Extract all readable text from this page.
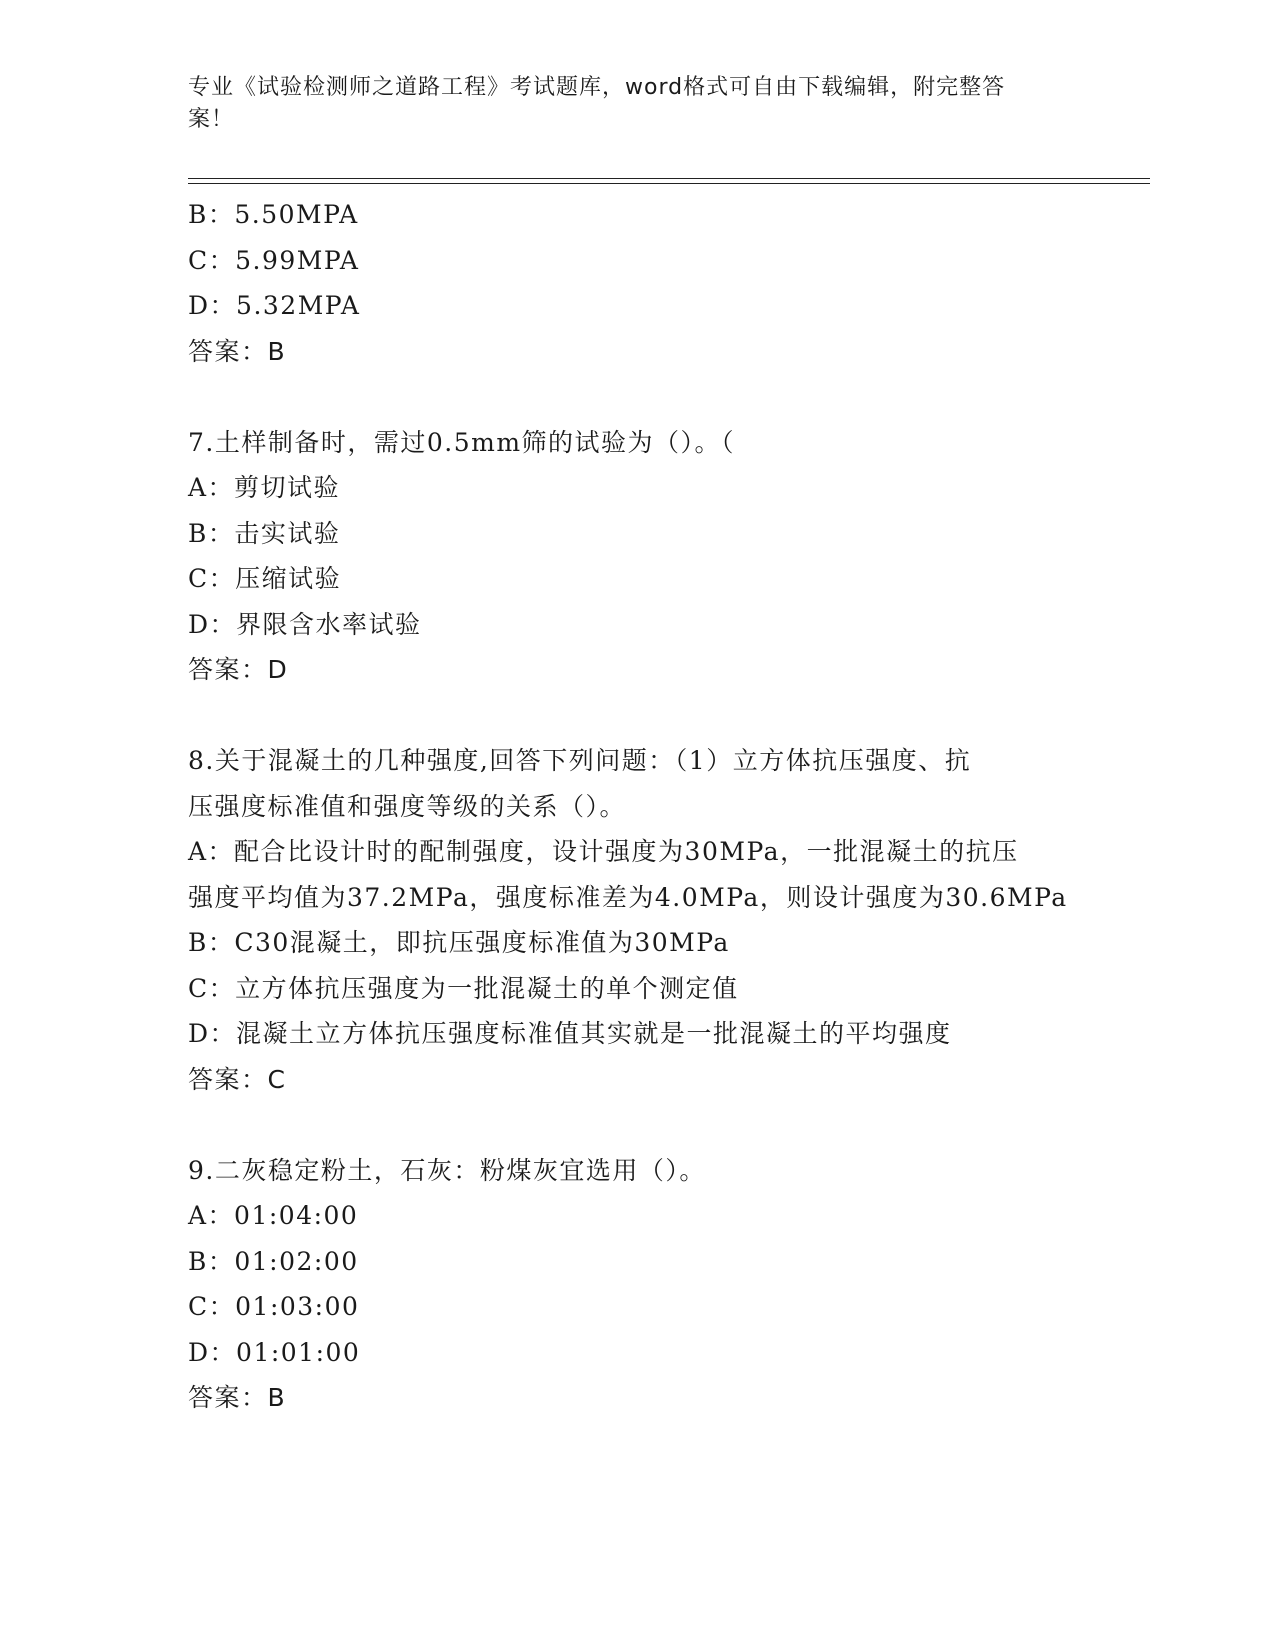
专业《试验检测师之道路工程》考试题库，word格式可自由下载编辑，附完整答
案！
B：5.50MPA
C：5.99MPA
D：5.32MPA
答案：B
7.土样制备时，需过0.5mm筛的试验为（）。（
A：剪切试验
B：击实试验
C：压缩试验
D：界限含水率试验
答案：D
8.关于混凝土的几种强度,回答下列问题：（1）立方体抗压强度、抗
压强度标准值和强度等级的关系（）。
A：配合比设计时的配制强度，设计强度为30MPa，一批混凝土的抗压
强度平均值为37.2MPa，强度标准差为4.0MPa，则设计强度为30.6MPa
B：C30混凝土，即抗压强度标准值为30MPa
C：立方体抗压强度为一批混凝土的单个测定值
D：混凝土立方体抗压强度标准值其实就是一批混凝土的平均强度
答案：C
9.二灰稳定粉土，石灰：粉煤灰宜选用（）。
A：01:04:00
B：01:02:00
C：01:03:00
D：01:01:00
答案：B
